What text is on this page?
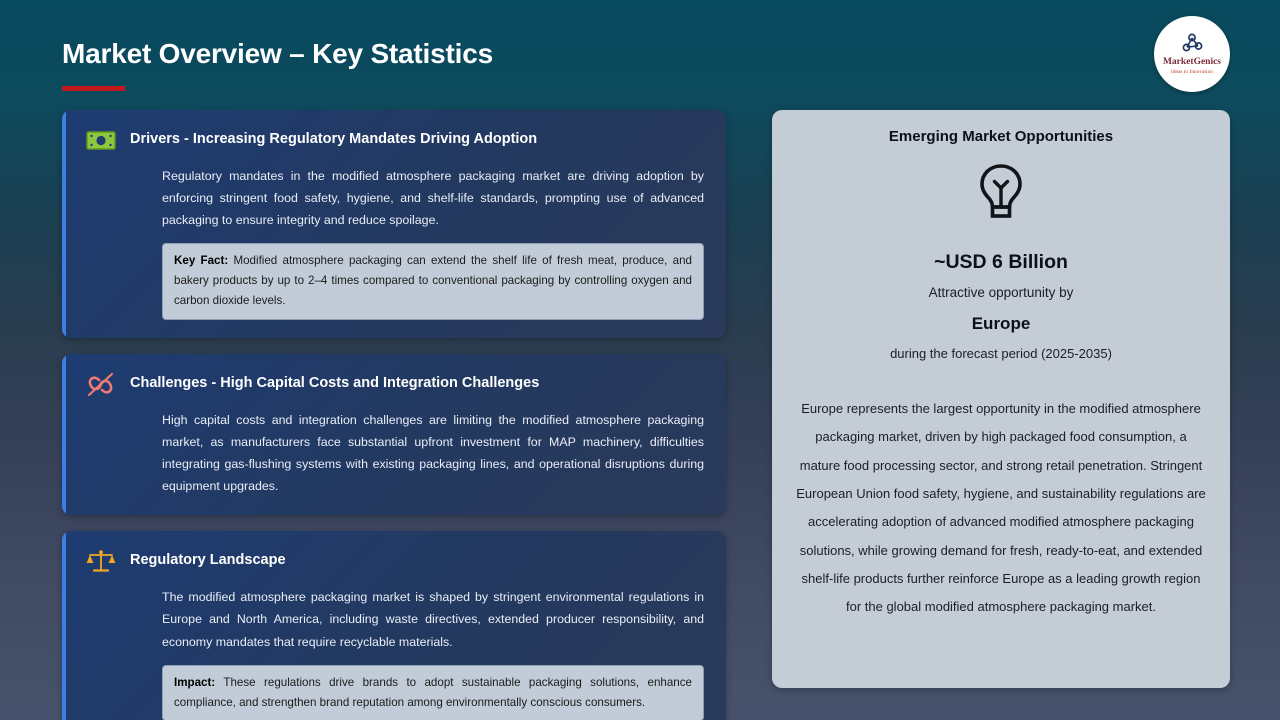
Market Overview – Key Statistics	MarketGenics
Ideas to Innovation
Drivers - Increasing Regulatory Mandates Driving Adoption
Regulatory mandates in the modified atmosphere packaging market are driving adoption by enforcing stringent food safety, hygiene, and shelf-life standards, prompting use of advanced packaging to ensure integrity and reduce spoilage.
Key Fact: Modified atmosphere packaging can extend the shelf life of fresh meat, produce, and bakery products by up to 2–4 times compared to conventional packaging by controlling oxygen and carbon dioxide levels.
Challenges - High Capital Costs and Integration Challenges
High capital costs and integration challenges are limiting the modified atmosphere packaging market, as manufacturers face substantial upfront investment for MAP machinery, difficulties integrating gas-flushing systems with existing packaging lines, and operational disruptions during equipment upgrades.
Regulatory Landscape
The modified atmosphere packaging market is shaped by stringent environmental regulations in Europe and North America, including waste directives, extended producer responsibility, and economy mandates that require recyclable materials.
Impact: These regulations drive brands to adopt sustainable packaging solutions, enhance compliance, and strengthen brand reputation among environmentally conscious consumers.
Emerging Market Opportunities
~USD 6 Billion
Attractive opportunity by
Europe
during the forecast period (2025-2035)
Europe represents the largest opportunity in the modified atmosphere packaging market, driven by high packaged food consumption, a mature food processing sector, and strong retail penetration. Stringent European Union food safety, hygiene, and sustainability regulations are accelerating adoption of advanced modified atmosphere packaging solutions, while growing demand for fresh, ready-to-eat, and extended shelf-life products further reinforce Europe as a leading growth region for the global modified atmosphere packaging market.
